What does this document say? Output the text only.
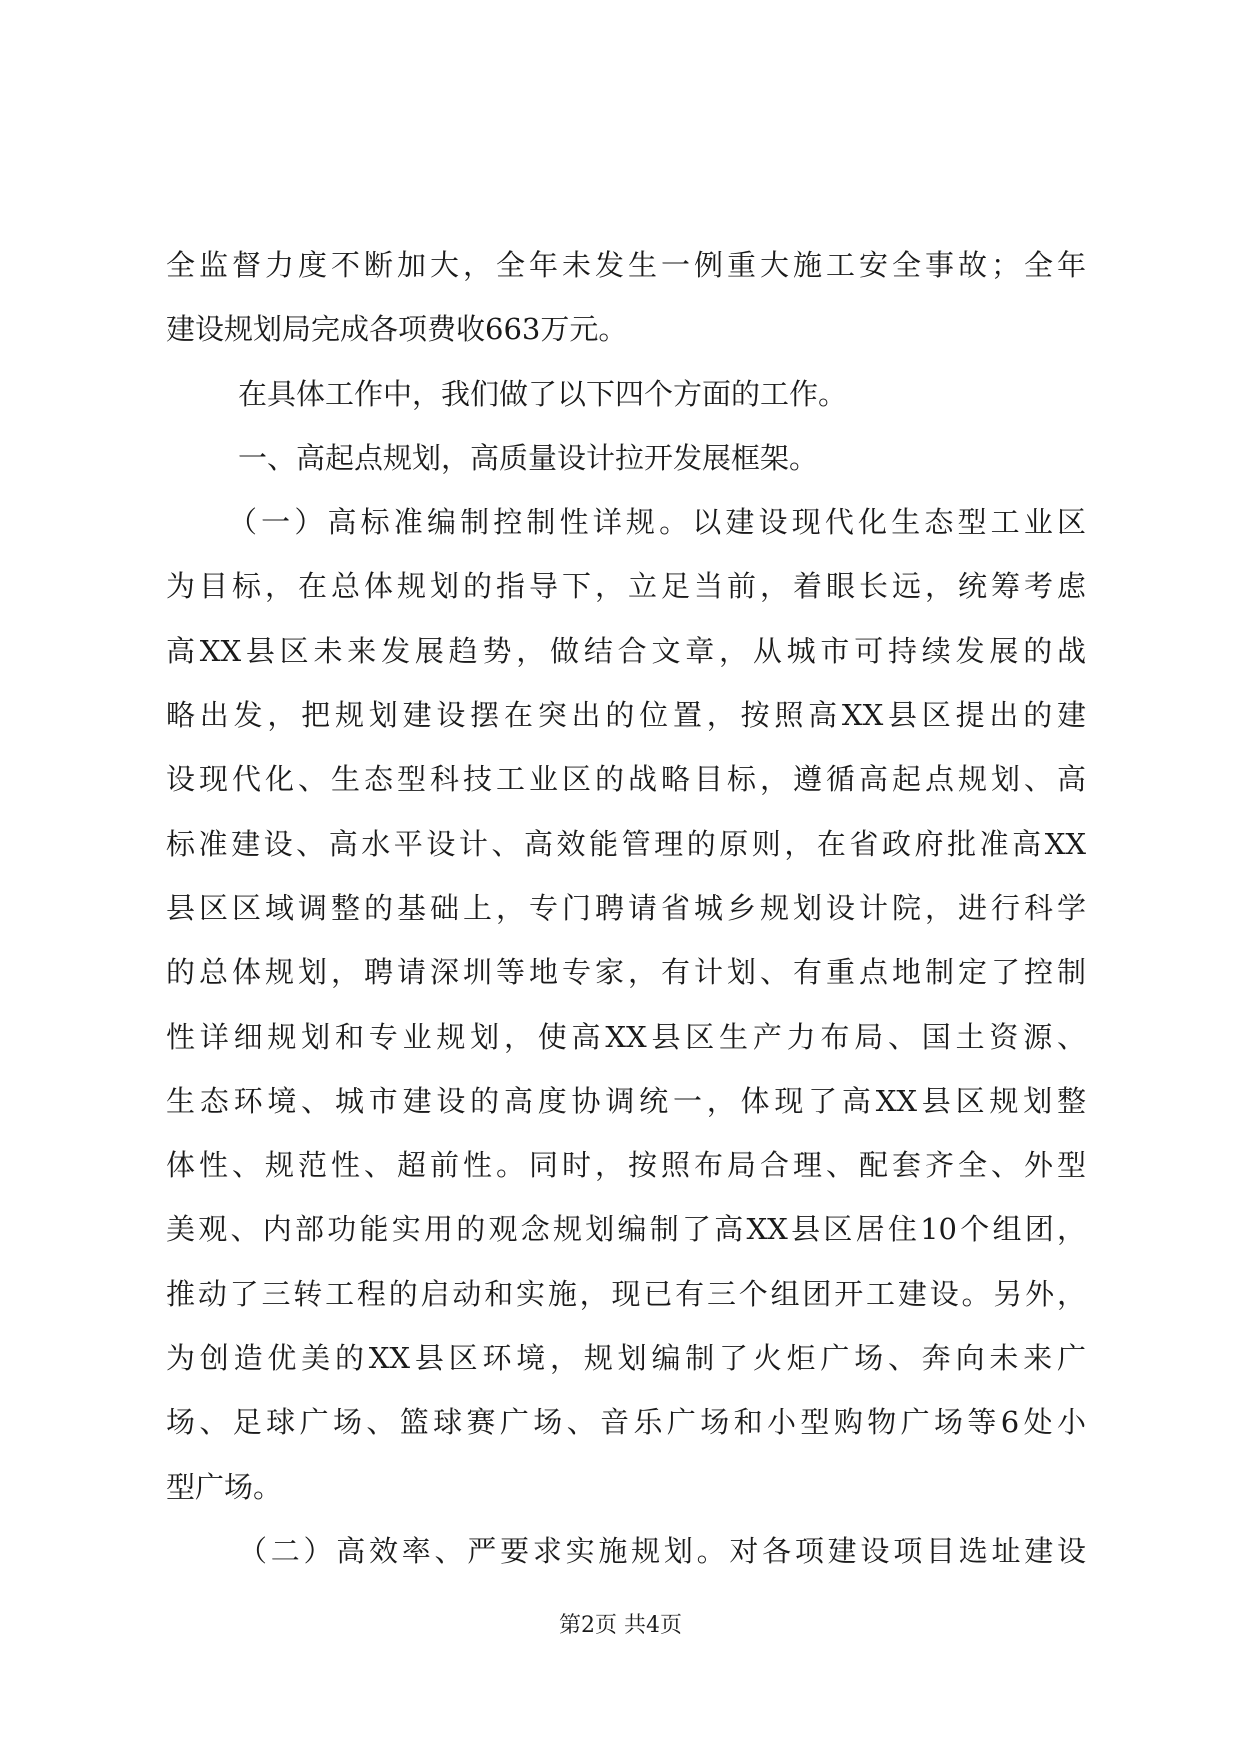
全监督力度不断加大，全年未发生一例重大施工安全事故；全年
建设规划局完成各项费收663万元。
在具体工作中，我们做了以下四个方面的工作。
一、高起点规划，高质量设计拉开发展框架。
（一）高标准编制控制性详规。以建设现代化生态型工业区
为目标，在总体规划的指导下，立足当前，着眼长远，统筹考虑
高XX县区未来发展趋势，做结合文章，从城市可持续发展的战
略出发，把规划建设摆在突出的位置，按照高XX县区提出的建
设现代化、生态型科技工业区的战略目标，遵循高起点规划、高
标准建设、高水平设计、高效能管理的原则，在省政府批准高XX
县区区域调整的基础上，专门聘请省城乡规划设计院，进行科学
的总体规划，聘请深圳等地专家，有计划、有重点地制定了控制
性详细规划和专业规划，使高XX县区生产力布局、国土资源、
生态环境、城市建设的高度协调统一，体现了高XX县区规划整
体性、规范性、超前性。同时，按照布局合理、配套齐全、外型
美观、内部功能实用的观念规划编制了高XX县区居住10个组团，
推动了三转工程的启动和实施，现已有三个组团开工建设。另外，
为创造优美的XX县区环境，规划编制了火炬广场、奔向未来广
场、足球广场、篮球赛广场、音乐广场和小型购物广场等6处小
型广场。
（二）高效率、严要求实施规划。对各项建设项目选址建设
第2页 共4页
